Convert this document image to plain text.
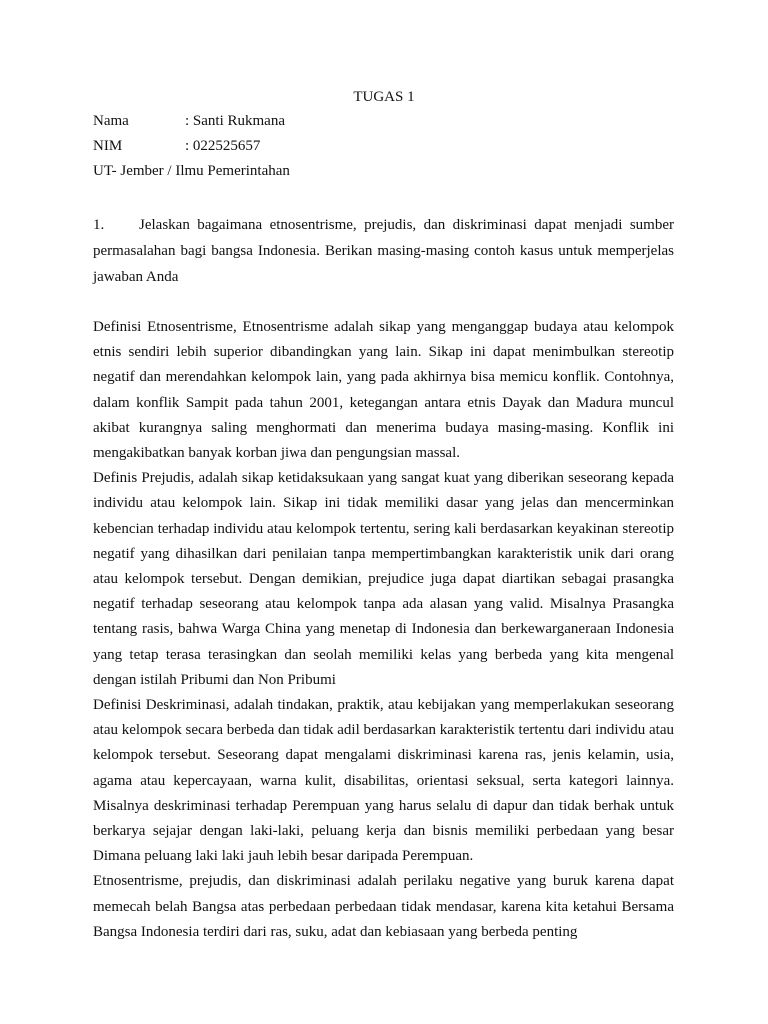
TUGAS 1
Nama	: Santi Rukmana
NIM	: 022525657
UT- Jember / Ilmu Pemerintahan
1. Jelaskan bagaimana etnosentrisme, prejudis, dan diskriminasi dapat menjadi sumber permasalahan bagi bangsa Indonesia. Berikan masing-masing contoh kasus untuk memperjelas jawaban Anda

Definisi Etnosentrisme, Etnosentrisme adalah sikap yang menganggap budaya atau kelompok etnis sendiri lebih superior dibandingkan yang lain. Sikap ini dapat menimbulkan stereotip negatif dan merendahkan kelompok lain, yang pada akhirnya bisa memicu konflik. Contohnya, dalam konflik Sampit pada tahun 2001, ketegangan antara etnis Dayak dan Madura muncul akibat kurangnya saling menghormati dan menerima budaya masing-masing. Konflik ini mengakibatkan banyak korban jiwa dan pengungsian massal.

Definis Prejudis, adalah sikap ketidaksukaan yang sangat kuat yang diberikan seseorang kepada individu atau kelompok lain. Sikap ini tidak memiliki dasar yang jelas dan mencerminkan kebencian terhadap individu atau kelompok tertentu, sering kali berdasarkan keyakinan stereotip negatif yang dihasilkan dari penilaian tanpa mempertimbangkan karakteristik unik dari orang atau kelompok tersebut. Dengan demikian, prejudice juga dapat diartikan sebagai prasangka negatif terhadap seseorang atau kelompok tanpa ada alasan yang valid. Misalnya Prasangka tentang rasis, bahwa Warga China yang menetap di Indonesia dan berkewarganeraan Indonesia yang tetap terasa terasingkan dan seolah memiliki kelas yang berbeda yang kita mengenal dengan istilah Pribumi dan Non Pribumi

Definisi Deskriminasi, adalah tindakan, praktik, atau kebijakan yang memperlakukan seseorang atau kelompok secara berbeda dan tidak adil berdasarkan karakteristik tertentu dari individu atau kelompok tersebut. Seseorang dapat mengalami diskriminasi karena ras, jenis kelamin, usia, agama atau kepercayaan, warna kulit, disabilitas, orientasi seksual, serta kategori lainnya. Misalnya deskriminasi terhadap Perempuan yang harus selalu di dapur dan tidak berhak untuk berkarya sejajar dengan laki-laki, peluang kerja dan bisnis memiliki perbedaan yang besar Dimana peluang laki laki jauh lebih besar daripada Perempuan.

Etnosentrisme, prejudis, dan diskriminasi adalah perilaku negative yang buruk karena dapat memecah belah Bangsa atas perbedaan perbedaan tidak mendasar, karena kita ketahui Bersama Bangsa Indonesia terdiri dari ras, suku, adat dan kebiasaan yang berbeda penting
